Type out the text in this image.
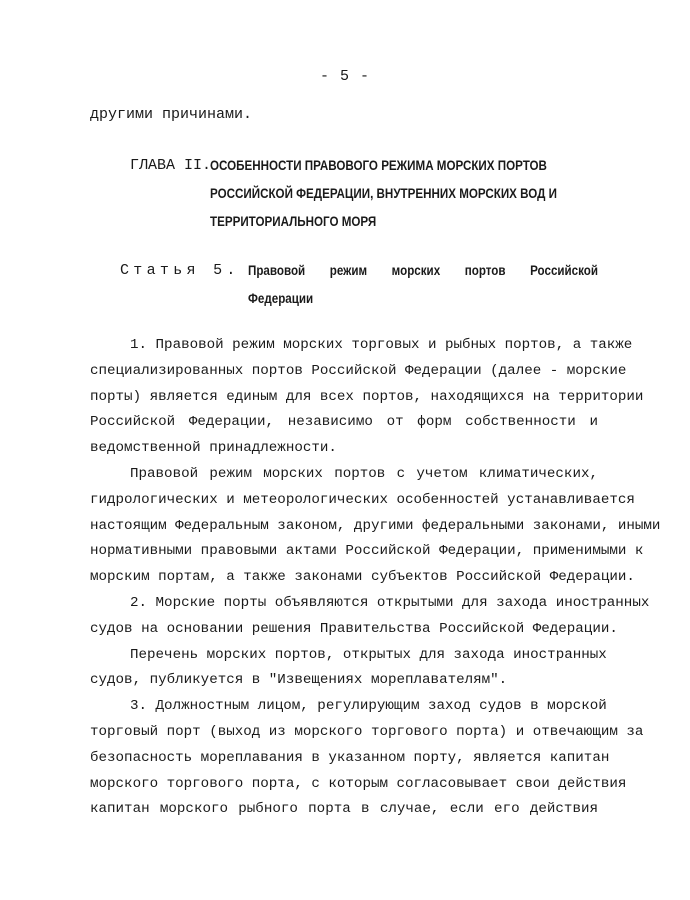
- 5 -
другими причинами.
ГЛАВА II.
ОСОБЕННОСТИ ПРАВОВОГО РЕЖИМА МОРСКИХ ПОРТОВ
РОССИЙСКОЙ ФЕДЕРАЦИИ, ВНУТРЕННИХ МОРСКИХ ВОД И
ТЕРРИТОРИАЛЬНОГО МОРЯ
Статья 5. Правовой режим морских портов Российской
Федерации
1. Правовой режим морских торговых и рыбных портов, а также
специализированных портов Российской Федерации (далее - морские
порты) является единым для всех портов, находящихся на территории
Российской Федерации, независимо от форм собственности и
ведомственной принадлежности.
Правовой режим морских портов с учетом климатических,
гидрологических и метеорологических особенностей устанавливается
настоящим Федеральным законом, другими федеральными законами, иными
нормативными правовыми актами Российской Федерации, применимыми к
морским портам, а также законами субъектов Российской Федерации.
2. Морские порты объявляются открытыми для захода иностранных
судов на основании решения Правительства Российской Федерации.
Перечень морских портов, открытых для захода иностранных
судов, публикуется в "Извещениях мореплавателям".
3. Должностным лицом, регулирующим заход судов в морской
торговый порт (выход из морского торгового порта) и отвечающим за
безопасность мореплавания в указанном порту, является капитан
морского торгового порта, с которым согласовывает свои действия
капитан морского рыбного порта в случае, если его действия
